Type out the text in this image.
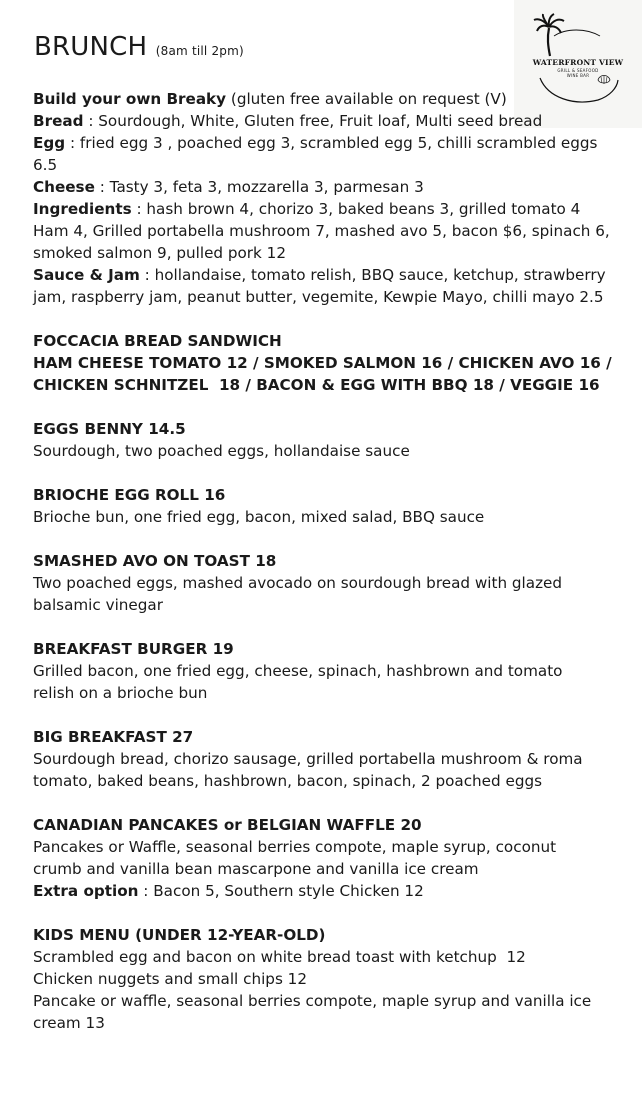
WATERFRONT VIEW
GRILL & SEAFOOD
WINE BAR
BRUNCH (8am till 2pm)
Build your own Breaky (gluten free available on request (V)
Bread : Sourdough, White, Gluten free, Fruit loaf, Multi seed bread
Egg : fried egg 3 , poached egg 3, scrambled egg 5, chilli scrambled eggs 6.5
Cheese : Tasty 3, feta 3, mozzarella 3, parmesan 3
Ingredients : hash brown 4, chorizo 3, baked beans 3, grilled tomato 4
Ham 4, Grilled portabella mushroom 7, mashed avo 5, bacon $6, spinach 6,
smoked salmon 9, pulled pork 12
Sauce & Jam : hollandaise, tomato relish, BBQ sauce, ketchup, strawberry
jam, raspberry jam, peanut butter, vegemite, Kewpie Mayo, chilli mayo 2.5
FOCCACIA BREAD SANDWICH
HAM CHEESE TOMATO 12 / SMOKED SALMON 16 / CHICKEN AVO 16 /
CHICKEN SCHNITZEL  18 / BACON & EGG WITH BBQ 18 / VEGGIE 16
EGGS BENNY 14.5
Sourdough, two poached eggs, hollandaise sauce
BRIOCHE EGG ROLL 16
Brioche bun, one fried egg, bacon, mixed salad, BBQ sauce
SMASHED AVO ON TOAST 18
Two poached eggs, mashed avocado on sourdough bread with glazed
balsamic vinegar
BREAKFAST BURGER 19
Grilled bacon, one fried egg, cheese, spinach, hashbrown and tomato
relish on a brioche bun
BIG BREAKFAST 27
Sourdough bread, chorizo sausage, grilled portabella mushroom & roma
tomato, baked beans, hashbrown, bacon, spinach, 2 poached eggs
CANADIAN PANCAKES or BELGIAN WAFFLE 20
Pancakes or Waffle, seasonal berries compote, maple syrup, coconut
crumb and vanilla bean mascarpone and vanilla ice cream
Extra option : Bacon 5, Southern style Chicken 12
KIDS MENU (UNDER 12-YEAR-OLD)
Scrambled egg and bacon on white bread toast with ketchup  12
Chicken nuggets and small chips 12
Pancake or waffle, seasonal berries compote, maple syrup and vanilla ice
cream 13
